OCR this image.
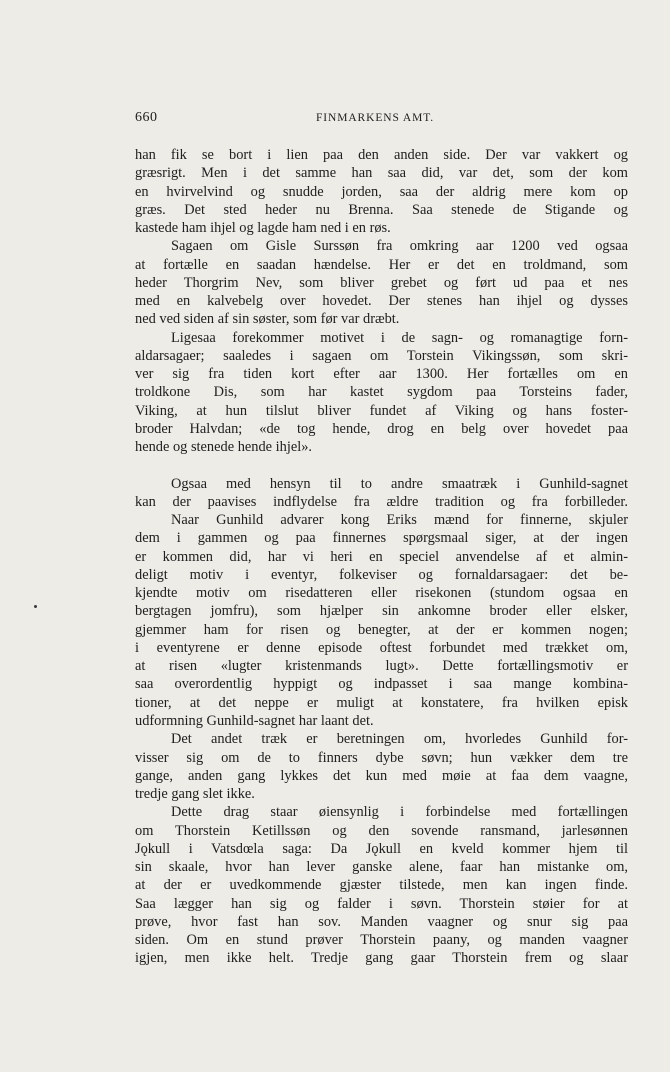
660	FINMARKENS AMT.
han fik se bort i lien paa den anden side. Der var vakkert og
græsrigt. Men i det samme han saa did, var det, som der kom
en hvirvelvind og snudde jorden, saa der aldrig mere kom op
græs. Det sted heder nu Brenna. Saa stenede de Stigande og
kastede ham ihjel og lagde ham ned i en røs.
Sagaen om Gisle Surssøn fra omkring aar 1200 ved ogsaa
at fortælle en saadan hændelse. Her er det en troldmand, som
heder Thorgrim Nev, som bliver grebet og ført ud paa et nes
med en kalvebelg over hovedet. Der stenes han ihjel og dysses
ned ved siden af sin søster, som før var dræbt.
Ligesaa forekommer motivet i de sagn- og romanagtige forn-
aldarsagaer; saaledes i sagaen om Torstein Vikingssøn, som skri-
ver sig fra tiden kort efter aar 1300. Her fortælles om en
troldkone Dis, som har kastet sygdom paa Torsteins fader,
Viking, at hun tilslut bliver fundet af Viking og hans foster-
broder Halvdan; «de tog hende, drog en belg over hovedet paa
hende og stenede hende ihjel».
Ogsaa med hensyn til to andre smaatræk i Gunhild-sagnet
kan der paavises indflydelse fra ældre tradition og fra forbilleder.
Naar Gunhild advarer kong Eriks mænd for finnerne, skjuler
dem i gammen og paa finnernes spørgsmaal siger, at der ingen
er kommen did, har vi heri en speciel anvendelse af et almin-
deligt motiv i eventyr, folkeviser og fornaldarsagaer: det be-
kjendte motiv om risedatteren eller risekonen (stundom ogsaa en
bergtagen jomfru), som hjælper sin ankomne broder eller elsker,
gjemmer ham for risen og benegter, at der er kommen nogen;
i eventyrene er denne episode oftest forbundet med trækket om,
at risen «lugter kristenmands lugt». Dette fortællingsmotiv er
saa overordentlig hyppigt og indpasset i saa mange kombina-
tioner, at det neppe er muligt at konstatere, fra hvilken episk
udformning Gunhild-sagnet har laant det.
Det andet træk er beretningen om, hvorledes Gunhild for-
visser sig om de to finners dybe søvn; hun vækker dem tre
gange, anden gang lykkes det kun med møie at faa dem vaagne,
tredje gang slet ikke.
Dette drag staar øiensynlig i forbindelse med fortællingen
om Thorstein Ketillssøn og den sovende ransmand, jarlesønnen
Jǫkull i Vatsdœla saga: Da Jǫkull en kveld kommer hjem til
sin skaale, hvor han lever ganske alene, faar han mistanke om,
at der er uvedkommende gjæster tilstede, men kan ingen finde.
Saa lægger han sig og falder i søvn. Thorstein støier for at
prøve, hvor fast han sov. Manden vaagner og snur sig paa
siden. Om en stund prøver Thorstein paany, og manden vaagner
igjen, men ikke helt. Tredje gang gaar Thorstein frem og slaar
